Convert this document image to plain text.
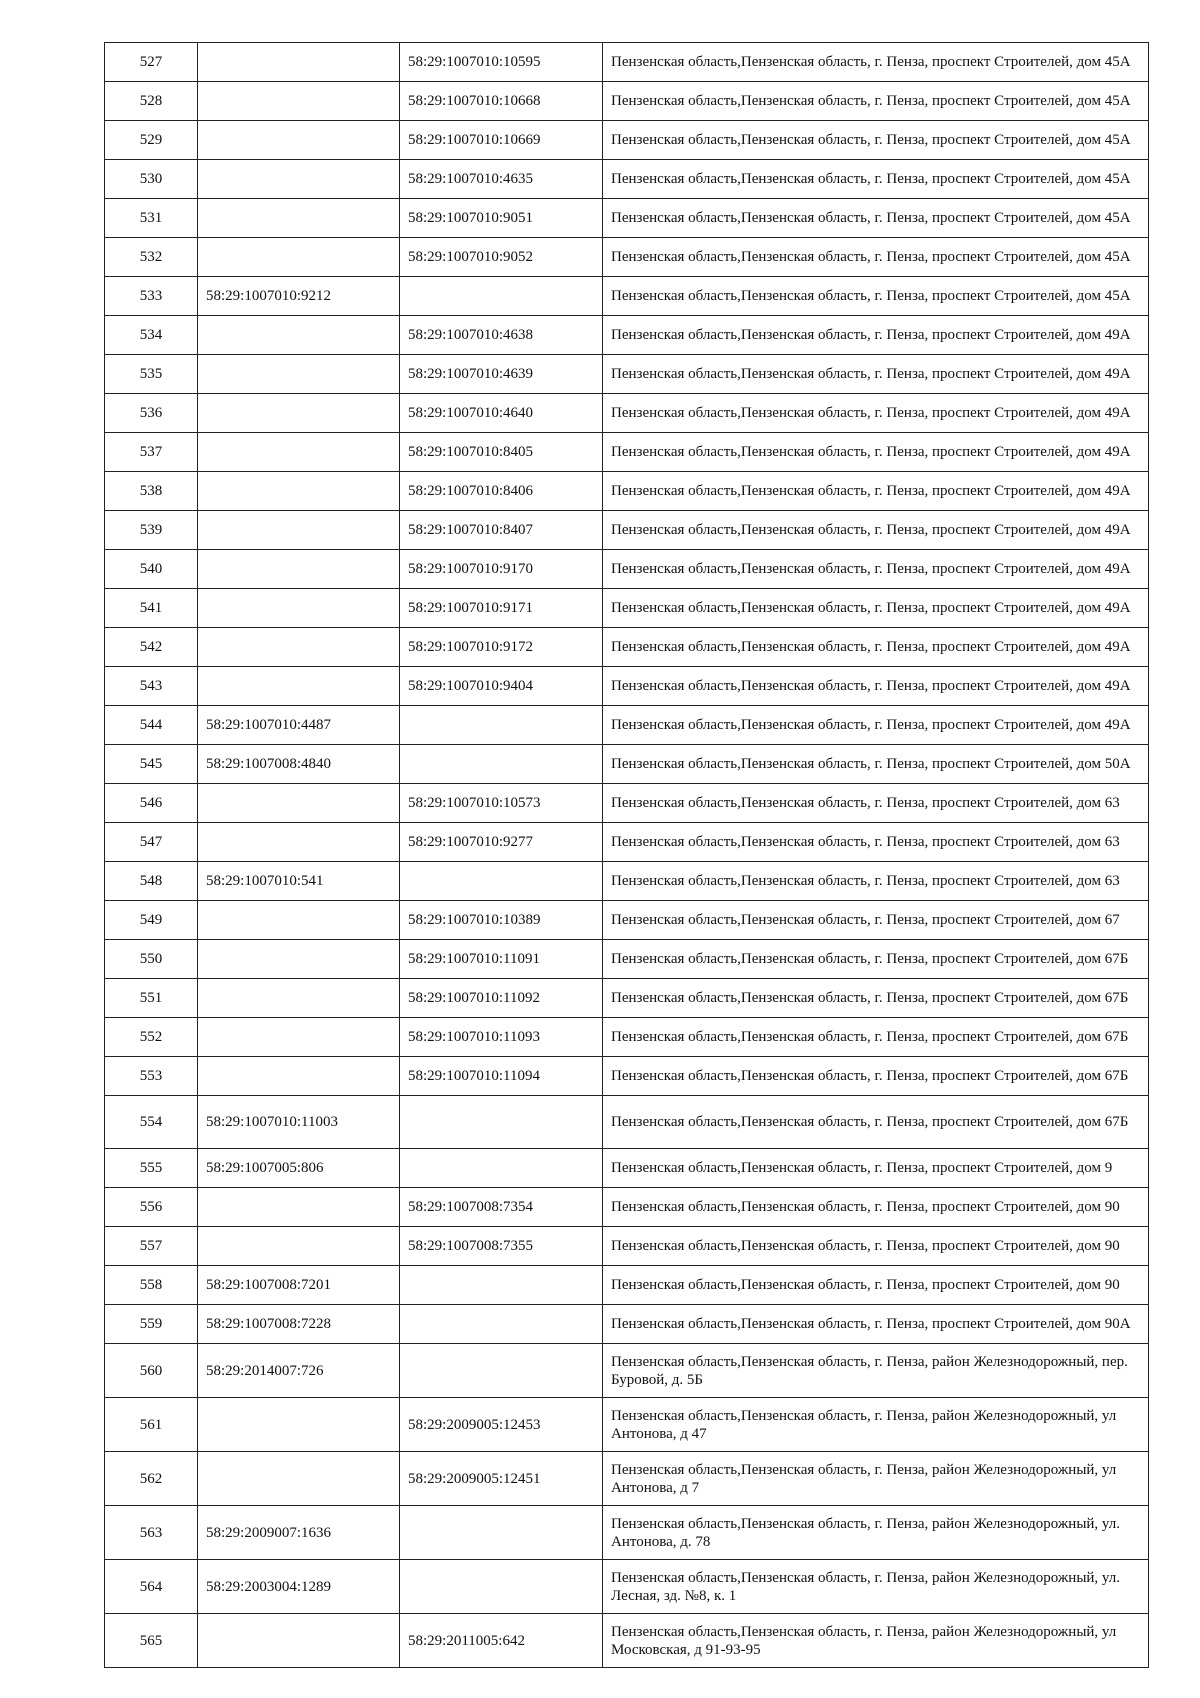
527		58:29:1007010:10595	Пензенская область,Пензенская область, г. Пенза, проспект Строителей, дом 45А
528		58:29:1007010:10668	Пензенская область,Пензенская область, г. Пенза, проспект Строителей, дом 45А
529		58:29:1007010:10669	Пензенская область,Пензенская область, г. Пенза, проспект Строителей, дом 45А
530		58:29:1007010:4635	Пензенская область,Пензенская область, г. Пенза, проспект Строителей, дом 45А
531		58:29:1007010:9051	Пензенская область,Пензенская область, г. Пенза, проспект Строителей, дом 45А
532		58:29:1007010:9052	Пензенская область,Пензенская область, г. Пенза, проспект Строителей, дом 45А
533	58:29:1007010:9212		Пензенская область,Пензенская область, г. Пенза, проспект Строителей, дом 45А
534		58:29:1007010:4638	Пензенская область,Пензенская область, г. Пенза, проспект Строителей, дом 49А
535		58:29:1007010:4639	Пензенская область,Пензенская область, г. Пенза, проспект Строителей, дом 49А
536		58:29:1007010:4640	Пензенская область,Пензенская область, г. Пенза, проспект Строителей, дом 49А
537		58:29:1007010:8405	Пензенская область,Пензенская область, г. Пенза, проспект Строителей, дом 49А
538		58:29:1007010:8406	Пензенская область,Пензенская область, г. Пенза, проспект Строителей, дом 49А
539		58:29:1007010:8407	Пензенская область,Пензенская область, г. Пенза, проспект Строителей, дом 49А
540		58:29:1007010:9170	Пензенская область,Пензенская область, г. Пенза, проспект Строителей, дом 49А
541		58:29:1007010:9171	Пензенская область,Пензенская область, г. Пенза, проспект Строителей, дом 49А
542		58:29:1007010:9172	Пензенская область,Пензенская область, г. Пенза, проспект Строителей, дом 49А
543		58:29:1007010:9404	Пензенская область,Пензенская область, г. Пенза, проспект Строителей, дом 49А
544	58:29:1007010:4487		Пензенская область,Пензенская область, г. Пенза, проспект Строителей, дом 49А
545	58:29:1007008:4840		Пензенская область,Пензенская область, г. Пенза, проспект Строителей, дом 50А
546		58:29:1007010:10573	Пензенская область,Пензенская область, г. Пенза, проспект Строителей, дом 63
547		58:29:1007010:9277	Пензенская область,Пензенская область, г. Пенза, проспект Строителей, дом 63
548	58:29:1007010:541		Пензенская область,Пензенская область, г. Пенза, проспект Строителей, дом 63
549		58:29:1007010:10389	Пензенская область,Пензенская область, г. Пенза, проспект Строителей, дом 67
550		58:29:1007010:11091	Пензенская область,Пензенская область, г. Пенза, проспект Строителей, дом 67Б
551		58:29:1007010:11092	Пензенская область,Пензенская область, г. Пенза, проспект Строителей, дом 67Б
552		58:29:1007010:11093	Пензенская область,Пензенская область, г. Пенза, проспект Строителей, дом 67Б
553		58:29:1007010:11094	Пензенская область,Пензенская область, г. Пенза, проспект Строителей, дом 67Б
554	58:29:1007010:11003		Пензенская область,Пензенская область, г. Пенза, проспект Строителей, дом 67Б
555	58:29:1007005:806		Пензенская область,Пензенская область, г. Пенза, проспект Строителей, дом 9
556		58:29:1007008:7354	Пензенская область,Пензенская область, г. Пенза, проспект Строителей, дом 90
557		58:29:1007008:7355	Пензенская область,Пензенская область, г. Пенза, проспект Строителей, дом 90
558	58:29:1007008:7201		Пензенская область,Пензенская область, г. Пенза, проспект Строителей, дом 90
559	58:29:1007008:7228		Пензенская область,Пензенская область, г. Пенза, проспект Строителей, дом 90А
560	58:29:2014007:726		Пензенская область,Пензенская область, г. Пенза, район Железнодорожный, пер. Буровой, д. 5Б
561		58:29:2009005:12453	Пензенская область,Пензенская область, г. Пенза, район Железнодорожный, ул Антонова, д 47
562		58:29:2009005:12451	Пензенская область,Пензенская область, г. Пенза, район Железнодорожный, ул Антонова, д 7
563	58:29:2009007:1636		Пензенская область,Пензенская область, г. Пенза, район Железнодорожный, ул. Антонова, д. 78
564	58:29:2003004:1289		Пензенская область,Пензенская область, г. Пенза, район Железнодорожный, ул. Лесная, зд. №8, к. 1
565		58:29:2011005:642	Пензенская область,Пензенская область, г. Пенза, район Железнодорожный, ул Московская, д 91-93-95
